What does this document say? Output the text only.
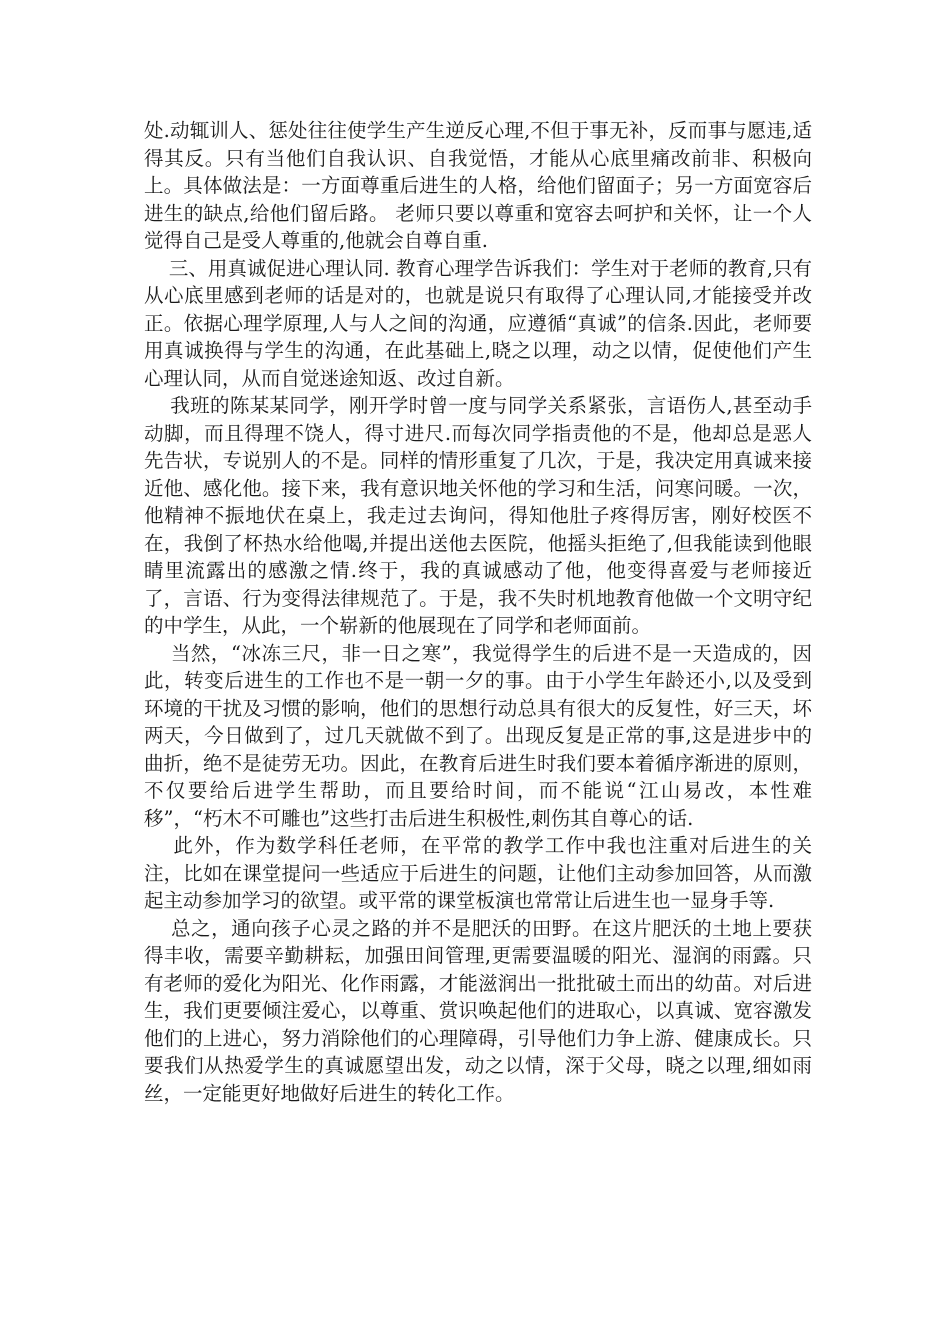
处.动辄训人、惩处往往使学生产生逆反心理,不但于事无补，反而事与愿违,适得其反。只有当他们自我认识、自我觉悟，才能从心底里痛改前非、积极向上。具体做法是：一方面尊重后进生的人格，给他们留面子；另一方面宽容后进生的缺点,给他们留后路。 老师只要以尊重和宽容去呵护和关怀，让一个人觉得自己是受人尊重的,他就会自尊自重.

三、用真诚促进心理认同. 教育心理学告诉我们：学生对于老师的教育,只有从心底里感到老师的话是对的，也就是说只有取得了心理认同,才能接受并改正。依据心理学原理,人与人之间的沟通，应遵循“真诚”的信条.因此，老师要用真诚换得与学生的沟通，在此基础上,晓之以理，动之以情，促使他们产生心理认同，从而自觉迷途知返、改过自新。

我班的陈某某同学，刚开学时曾一度与同学关系紧张，言语伤人,甚至动手动脚，而且得理不饶人，得寸进尺.而每次同学指责他的不是，他却总是恶人先告状，专说别人的不是。同样的情形重复了几次，于是，我决定用真诚来接近他、感化他。接下来，我有意识地关怀他的学习和生活，问寒问暖。一次，他精神不振地伏在桌上，我走过去询问，得知他肚子疼得厉害，刚好校医不在，我倒了杯热水给他喝,并提出送他去医院，他摇头拒绝了,但我能读到他眼睛里流露出的感激之情.终于，我的真诚感动了他，他变得喜爱与老师接近了，言语、行为变得法律规范了。于是，我不失时机地教育他做一个文明守纪的中学生，从此，一个崭新的他展现在了同学和老师面前。

当然，“冰冻三尺，非一日之寒”，我觉得学生的后进不是一天造成的，因此，转变后进生的工作也不是一朝一夕的事。由于小学生年龄还小,以及受到环境的干扰及习惯的影响，他们的思想行动总具有很大的反复性，好三天，坏两天，今日做到了，过几天就做不到了。出现反复是正常的事,这是进步中的曲折，绝不是徒劳无功。因此，在教育后进生时我们要本着循序渐进的原则，不仅要给后进学生帮助，而且要给时间，而不能说“江山易改，本性难移”，“朽木不可雕也”这些打击后进生积极性,刺伤其自尊心的话.

此外，作为数学科任老师，在平常的教学工作中我也注重对后进生的关注，比如在课堂提问一些适应于后进生的问题，让他们主动参加回答，从而激起主动参加学习的欲望。或平常的课堂板演也常常让后进生也一显身手等.

总之，通向孩子心灵之路的并不是肥沃的田野。在这片肥沃的土地上要获得丰收，需要辛勤耕耘，加强田间管理,更需要温暖的阳光、湿润的雨露。只有老师的爱化为阳光、化作雨露，才能滋润出一批批破土而出的幼苗。对后进生，我们更要倾注爱心，以尊重、赏识唤起他们的进取心，以真诚、宽容激发他们的上进心，努力消除他们的心理障碍，引导他们力争上游、健康成长。只要我们从热爱学生的真诚愿望出发，动之以情，深于父母，晓之以理,细如雨丝，一定能更好地做好后进生的转化工作。
